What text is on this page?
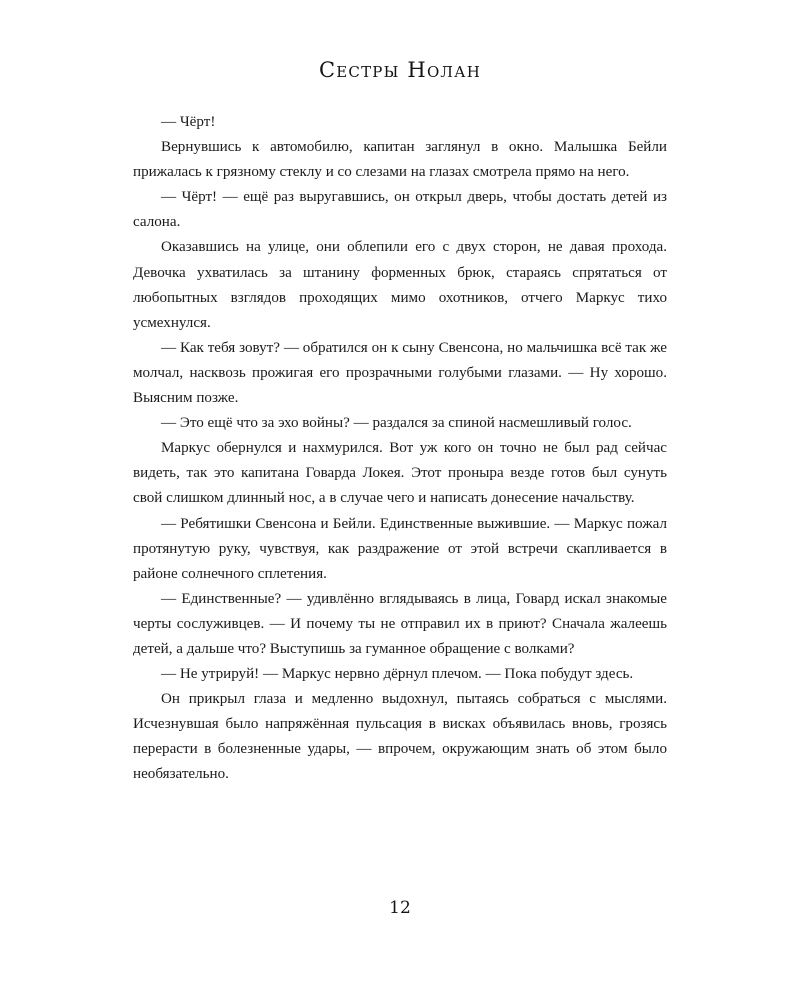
Сестры Нолан

— Чёрт!

Вернувшись к автомобилю, капитан заглянул в окно. Малышка Бейли прижалась к грязному стеклу и со слезами на глазах смотрела прямо на него.

— Чёрт! — ещё раз выругавшись, он открыл дверь, чтобы достать детей из салона.

Оказавшись на улице, они облепили его с двух сторон, не давая прохода. Девочка ухватилась за штанину форменных брюк, стараясь спрятаться от любопытных взглядов проходящих мимо охотников, отчего Маркус тихо усмехнулся.

— Как тебя зовут? — обратился он к сыну Свенсона, но мальчишка всё так же молчал, насквозь прожигая его прозрачными голубыми глазами. — Ну хорошо. Выясним позже.

— Это ещё что за эхо войны? — раздался за спиной насмешливый голос.

Маркус обернулся и нахмурился. Вот уж кого он точно не был рад сейчас видеть, так это капитана Говарда Локея. Этот проныра везде готов был сунуть свой слишком длинный нос, а в случае чего и написать донесение начальству.

— Ребятишки Свенсона и Бейли. Единственные выжившие. — Маркус пожал протянутую руку, чувствуя, как раздражение от этой встречи скапливается в районе солнечного сплетения.

— Единственные? — удивлённо вглядываясь в лица, Говард искал знакомые черты сослуживцев. — И почему ты не отправил их в приют? Сначала жалеешь детей, а дальше что? Выступишь за гуманное обращение с волками?

— Не утрируй! — Маркус нервно дёрнул плечом. — Пока побудут здесь.

Он прикрыл глаза и медленно выдохнул, пытаясь собраться с мыслями. Исчезнувшая было напряжённая пульсация в висках объявилась вновь, грозясь перерасти в болезненные удары, — впрочем, окружающим знать об этом было необязательно.

12
